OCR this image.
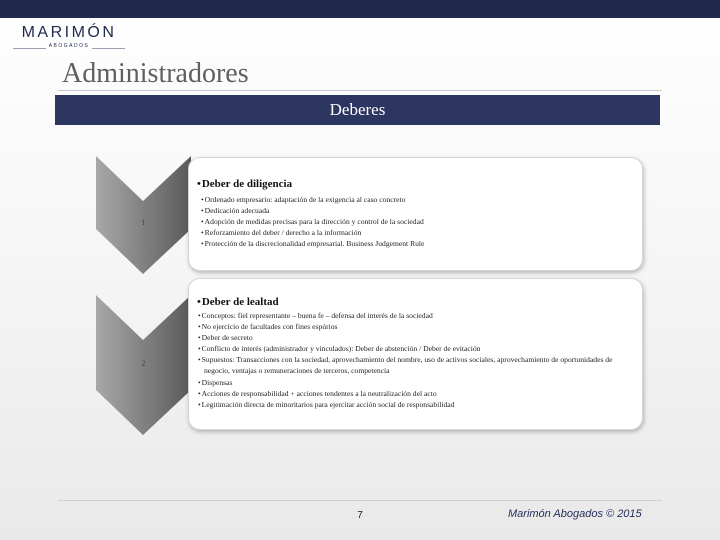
MARIMÓN
ABOGADOS
Administradores
Deberes
1
•Deber de diligencia
• Ordenado empresario: adaptación de la exigencia al caso concreto
• Dedicación adecuada
• Adopción de medidas precisas para la dirección y control de la sociedad
• Reforzamiento del deber / derecho a la información
• Protección de la discrecionalidad empresarial. Business Judgement Rule
2
•Deber de lealtad
• Conceptos: fiel representante – buena fe – defensa del interés de la sociedad
• No ejercicio de facultades con fines espúrios
• Deber de secreto
• Conflicto de interés (administrador y vinculados): Deber de abstención / Deber de evitación
• Supuestos: Transacciones con la sociedad, aprovechamiento del nombre, uso de activos sociales, aprovechamiento de oportunidades de negocio, ventajas o remuneraciones de terceros, competencia
• Dispensas
• Acciones de responsabilidad + acciones tendentes a la neutralización del acto
• Legitimación directa de minoritarios para ejercitar acción social de responsabilidad
7	Marimón Abogados © 2015
